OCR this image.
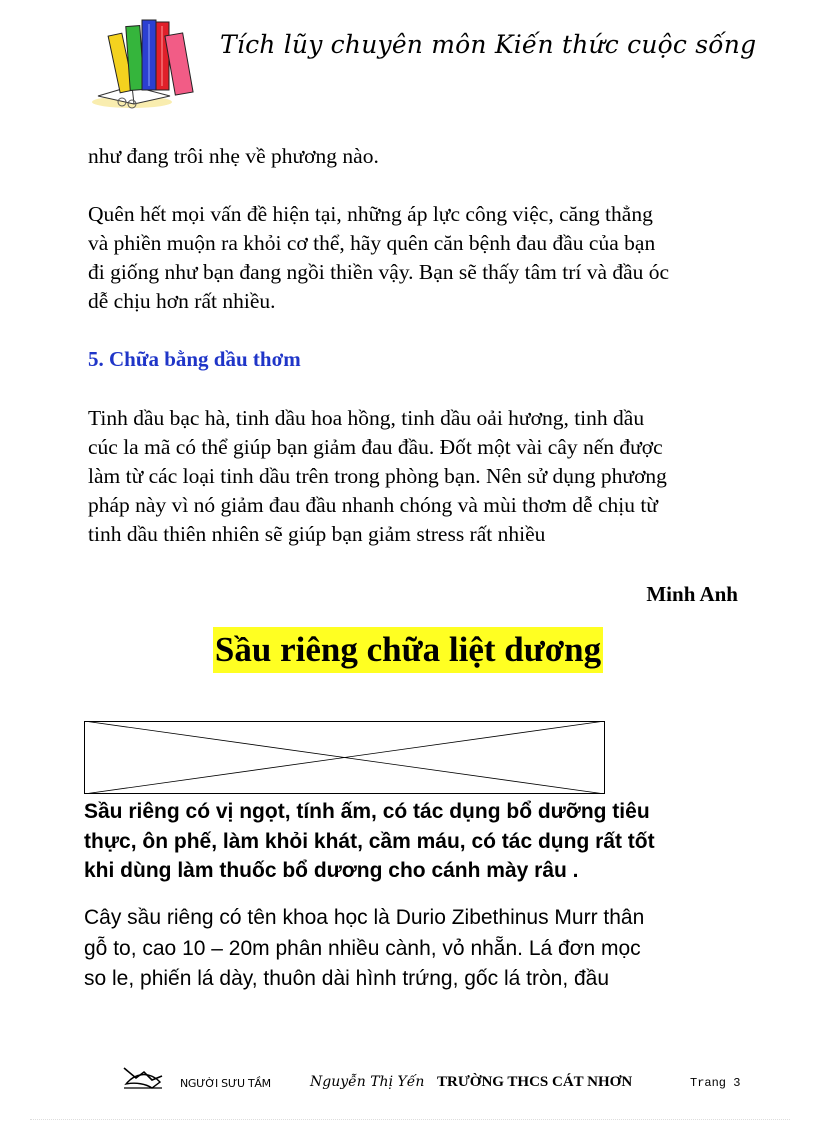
Tích lũy chuyên môn Kiến thức cuộc sống
như đang trôi nhẹ về phương nào.
Quên hết mọi vấn đề hiện tại, những áp lực công việc, căng thẳng
và phiền muộn ra khỏi cơ thể, hãy quên căn bệnh đau đầu của bạn
đi giống như bạn đang ngồi thiền vậy. Bạn sẽ thấy tâm trí và đầu óc
dễ chịu hơn rất nhiều.
5. Chữa bằng dầu thơm
Tinh dầu bạc hà, tinh dầu hoa hồng, tinh dầu oải hương, tinh dầu
cúc la mã có thể giúp bạn giảm đau đầu. Đốt một vài cây nến được
làm từ các loại tinh dầu trên trong phòng bạn. Nên sử dụng phương
pháp này vì nó giảm đau đầu nhanh chóng và mùi thơm dễ chịu từ
tinh dầu thiên nhiên sẽ giúp bạn giảm stress rất nhiều
Minh Anh
Sầu riêng chữa liệt dương
Sầu riêng có vị ngọt, tính ấm, có tác dụng bổ dưỡng tiêu
thực, ôn phế, làm khỏi khát, cầm máu, có tác dụng rất tốt
khi dùng làm thuốc bổ dương cho cánh mày râu .
Cây sầu riêng có tên khoa học là Durio Zibethinus Murr thân
gỗ to, cao 10 – 20m phân nhiều cành, vỏ nhẵn. Lá đơn mọc
so le, phiến lá dày, thuôn dài hình trứng, gốc lá tròn, đầu
NGƯỜI SƯU TẦM	Nguyễn Thị Yến TRƯỜNG THCS CÁT NHƠN	Trang 3
